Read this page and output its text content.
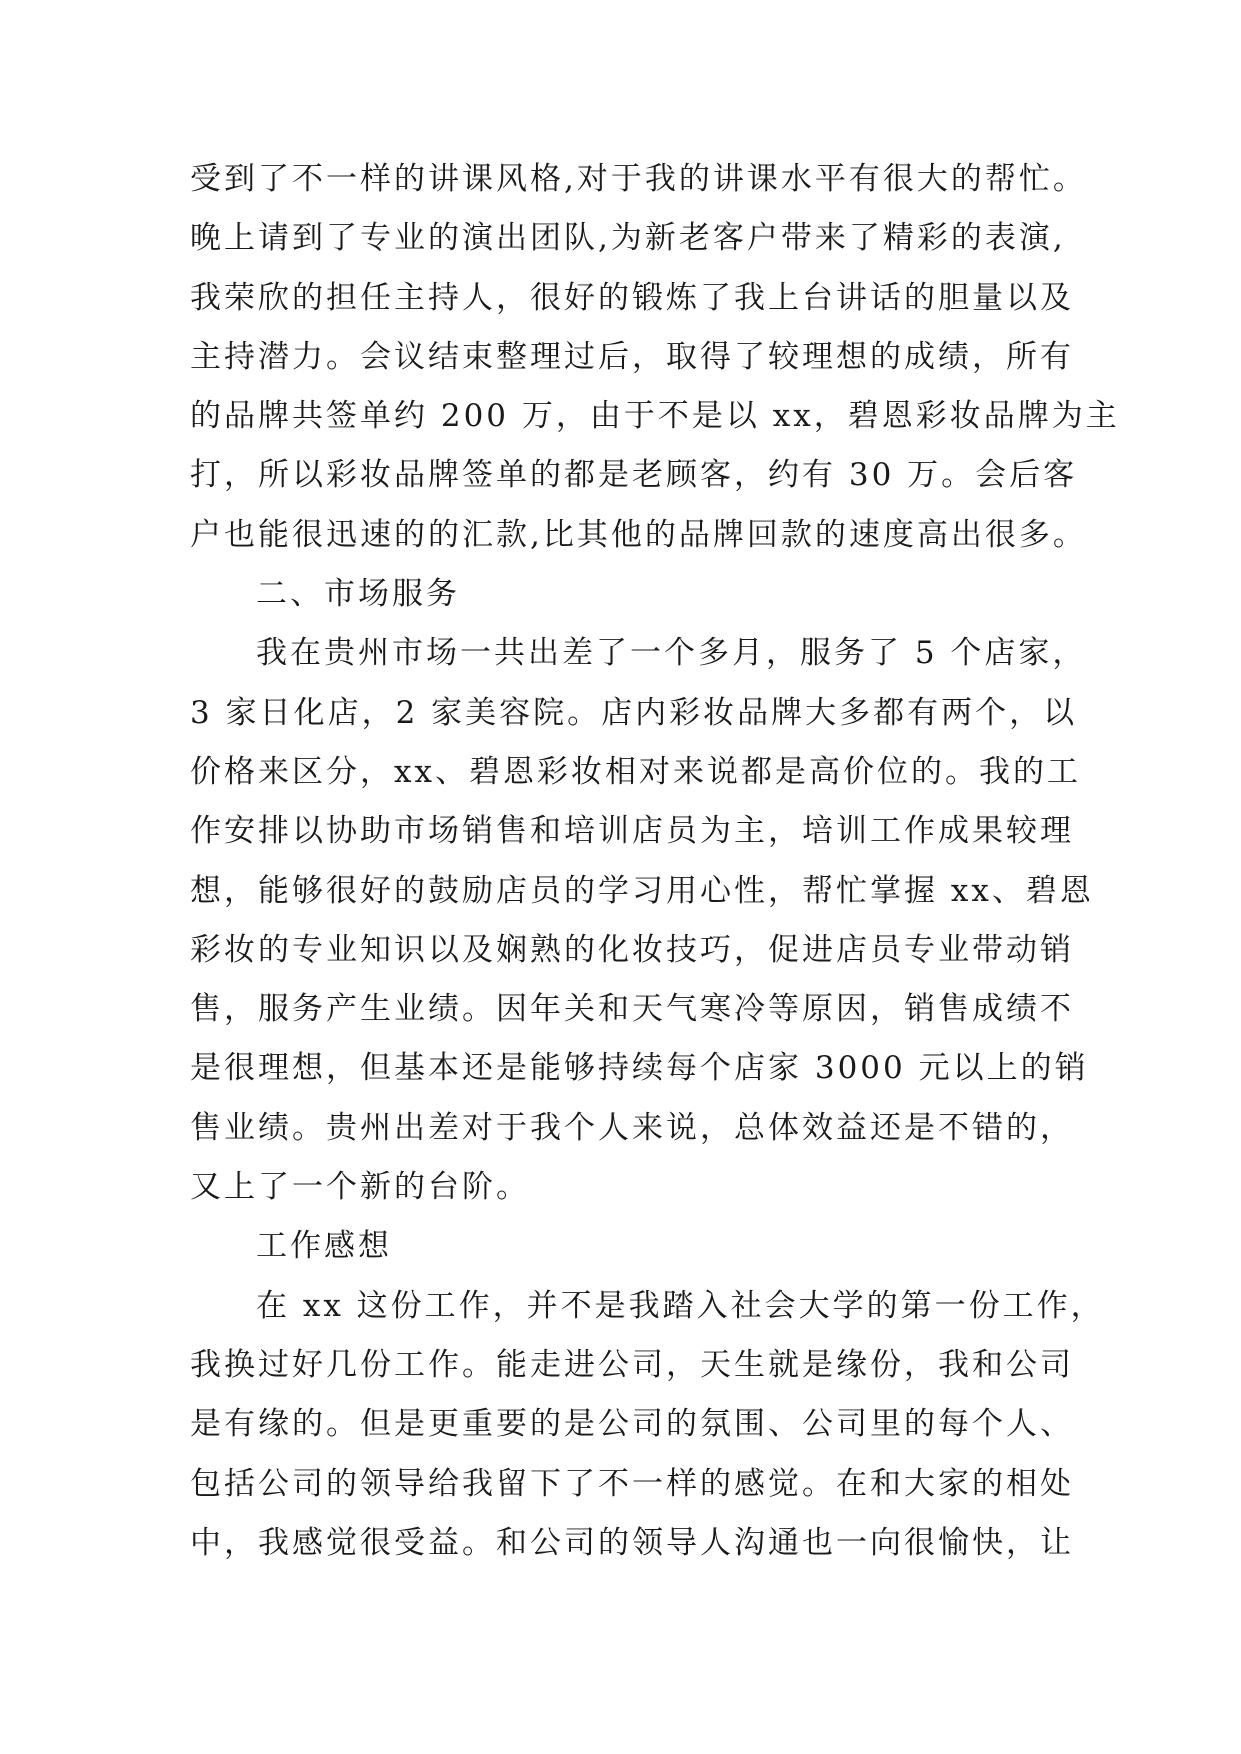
受到了不一样的讲课风格,对于我的讲课水平有很大的帮忙。
晚上请到了专业的演出团队,为新老客户带来了精彩的表演,
我荣欣的担任主持人，很好的锻炼了我上台讲话的胆量以及
主持潜力。会议结束整理过后，取得了较理想的成绩，所有
的品牌共签单约 200 万，由于不是以 xx，碧恩彩妆品牌为主
打，所以彩妆品牌签单的都是老顾客，约有 30 万。会后客
户也能很迅速的的汇款,比其他的品牌回款的速度高出很多。
二、市场服务
我在贵州市场一共出差了一个多月，服务了 5 个店家，
3 家日化店，2 家美容院。店内彩妆品牌大多都有两个，以
价格来区分，xx、碧恩彩妆相对来说都是高价位的。我的工
作安排以协助市场销售和培训店员为主，培训工作成果较理
想，能够很好的鼓励店员的学习用心性，帮忙掌握 xx、碧恩
彩妆的专业知识以及娴熟的化妆技巧，促进店员专业带动销
售，服务产生业绩。因年关和天气寒冷等原因，销售成绩不
是很理想，但基本还是能够持续每个店家 3000 元以上的销
售业绩。贵州出差对于我个人来说，总体效益还是不错的，
又上了一个新的台阶。
工作感想
在 xx 这份工作，并不是我踏入社会大学的第一份工作，
我换过好几份工作。能走进公司，天生就是缘份，我和公司
是有缘的。但是更重要的是公司的氛围、公司里的每个人、
包括公司的领导给我留下了不一样的感觉。在和大家的相处
中，我感觉很受益。和公司的领导人沟通也一向很愉快，让
